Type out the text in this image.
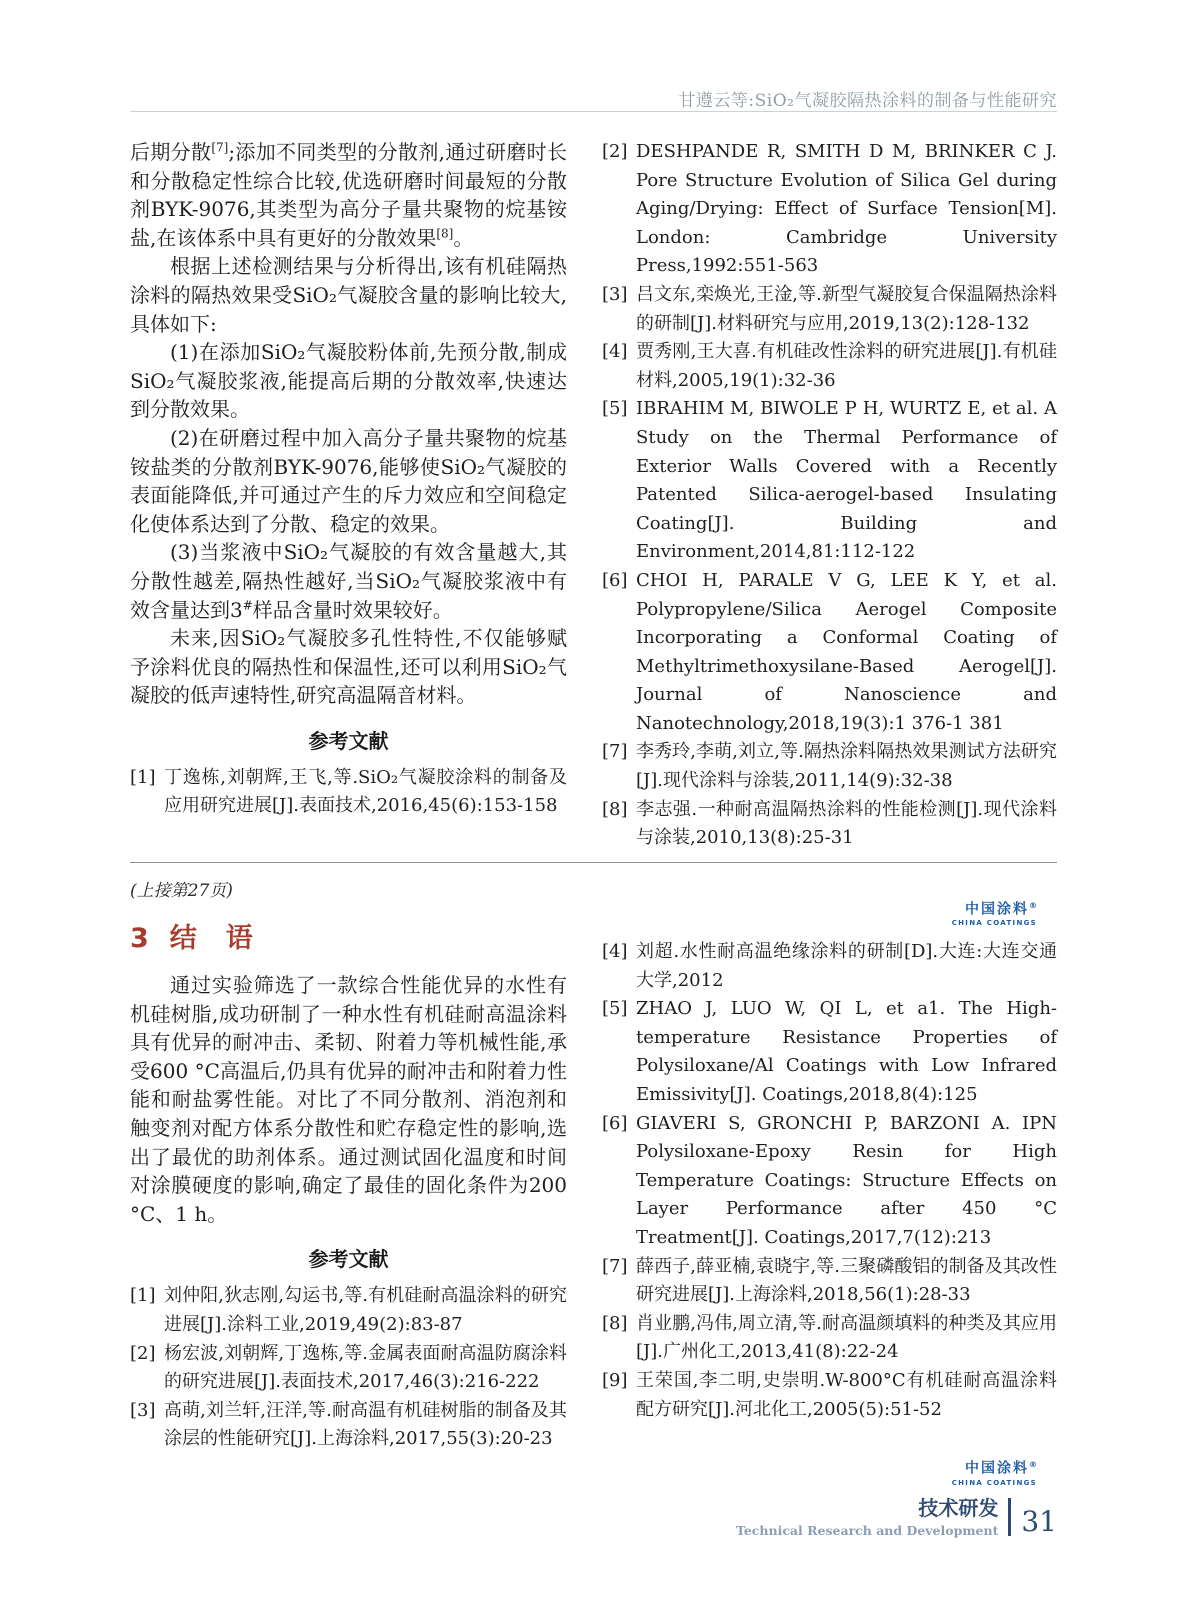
甘遵云等:SiO₂气凝胶隔热涂料的制备与性能研究

后期分散[7];添加不同类型的分散剂,通过研磨时长和分散稳定性综合比较,优选研磨时间最短的分散剂BYK-9076,其类型为高分子量共聚物的烷基铵盐,在该体系中具有更好的分散效果[8]。

根据上述检测结果与分析得出,该有机硅隔热涂料的隔热效果受SiO₂气凝胶含量的影响比较大,具体如下:

(1)在添加SiO₂气凝胶粉体前,先预分散,制成SiO₂气凝胶浆液,能提高后期的分散效率,快速达到分散效果。

(2)在研磨过程中加入高分子量共聚物的烷基铵盐类的分散剂BYK-9076,能够使SiO₂气凝胶的表面能降低,并可通过产生的斥力效应和空间稳定化使体系达到了分散、稳定的效果。

(3)当浆液中SiO₂气凝胶的有效含量越大,其分散性越差,隔热性越好,当SiO₂气凝胶浆液中有效含量达到3#样品含量时效果较好。

未来,因SiO₂气凝胶多孔性特性,不仅能够赋予涂料优良的隔热性和保温性,还可以利用SiO₂气凝胶的低声速特性,研究高温隔音材料。

参考文献
[1] 丁逸栋,刘朝辉,王飞,等.SiO₂气凝胶涂料的制备及应用研究进展[J].表面技术,2016,45(6):153-158
[2] DESHPANDE R, SMITH D M, BRINKER C J. Pore Structure Evolution of Silica Gel during Aging/Drying: Effect of Surface Tension[M]. London: Cambridge University Press,1992:551-563
[3] 吕文东,栾焕光,王淦,等.新型气凝胶复合保温隔热涂料的研制[J].材料研究与应用,2019,13(2):128-132
[4] 贾秀刚,王大喜.有机硅改性涂料的研究进展[J].有机硅材料,2005,19(1):32-36
[5] IBRAHIM M, BIWOLE P H, WURTZ E, et al. A Study on the Thermal Performance of Exterior Walls Covered with a Recently Patented Silica-aerogel-based Insulating Coating[J]. Building and Environment,2014,81:112-122
[6] CHOI H, PARALE V G, LEE K Y, et al. Polypropylene/Silica Aerogel Composite Incorporating a Conformal Coating of Methyltrimethoxysilane-Based Aerogel[J]. Journal of Nanoscience and Nanotechnology,2018,19(3):1 376-1 381
[7] 李秀玲,李萌,刘立,等.隔热涂料隔热效果测试方法研究[J].现代涂料与涂装,2011,14(9):32-38
[8] 李志强.一种耐高温隔热涂料的性能检测[J].现代涂料与涂装,2010,13(8):25-31
中国涂料®
CHINA COATINGS
(上接第27页)
3 结　语

通过实验筛选了一款综合性能优异的水性有机硅树脂,成功研制了一种水性有机硅耐高温涂料具有优异的耐冲击、柔韧、附着力等机械性能,承受600 °C高温后,仍具有优异的耐冲击和附着力性能和耐盐雾性能。对比了不同分散剂、消泡剂和触变剂对配方体系分散性和贮存稳定性的影响,选出了最优的助剂体系。通过测试固化温度和时间对涂膜硬度的影响,确定了最佳的固化条件为200 °C、1 h。

参考文献
[1] 刘仲阳,狄志刚,勾运书,等.有机硅耐高温涂料的研究进展[J].涂料工业,2019,49(2):83-87
[2] 杨宏波,刘朝辉,丁逸栋,等.金属表面耐高温防腐涂料的研究进展[J].表面技术,2017,46(3):216-222
[3] 高萌,刘兰轩,汪洋,等.耐高温有机硅树脂的制备及其涂层的性能研究[J].上海涂料,2017,55(3):20-23
[4] 刘超.水性耐高温绝缘涂料的研制[D].大连:大连交通大学,2012
[5] ZHAO J, LUO W, QI L, et a1. The High-temperature Resistance Properties of Polysiloxane/Al Coatings with Low Infrared Emissivity[J]. Coatings,2018,8(4):125
[6] GIAVERI S, GRONCHI P, BARZONI A. IPN Polysiloxane-Epoxy Resin for High Temperature Coatings: Structure Effects on Layer Performance after 450 °C Treatment[J]. Coatings,2017,7(12):213
[7] 薛西子,薛亚楠,袁晓宇,等.三聚磷酸铝的制备及其改性研究进展[J].上海涂料,2018,56(1):28-33
[8] 肖业鹏,冯伟,周立清,等.耐高温颜填料的种类及其应用[J].广州化工,2013,41(8):22-24
[9] 王荣国,李二明,史崇明.W-800°C有机硅耐高温涂料配方研究[J].河北化工,2005(5):51-52
中国涂料®
CHINA COATINGS
技术研发
Technical Research and Development 31
